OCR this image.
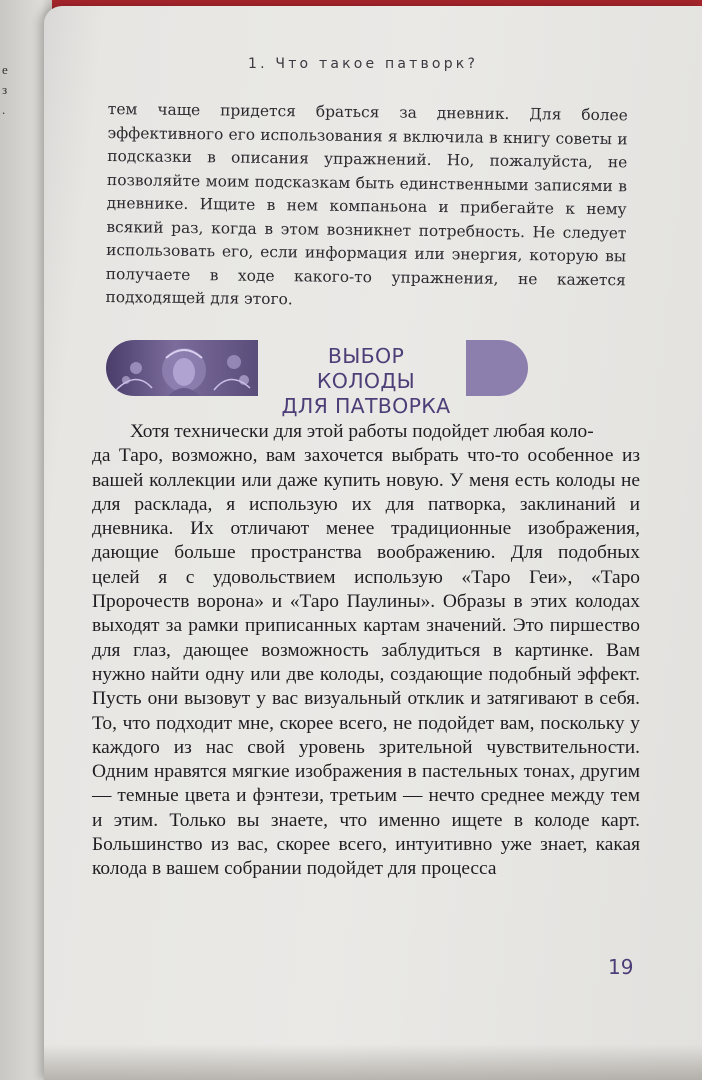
е
з
.
1. Что такое патворк?
тем чаще придется браться за дневник. Для более эффективного его использования я включила в книгу советы и подсказки в описания упражнений. Но, пожалуйста, не позволяйте моим подсказкам быть единственными записями в дневнике. Ищите в нем компаньона и прибегайте к нему всякий раз, когда в этом возникнет потребность. Не следует использовать его, если информация или энергия, которую вы получаете в ходе какого-то упражнения, не кажется подходящей для этого.
ВЫБОР КОЛОДЫ
ДЛЯ ПАТВОРКА
Хотя технически для этой работы подойдет любая коло-
да Таро, возможно, вам захочется выбрать что-то особенное из вашей коллекции или даже купить новую. У меня есть колоды не для расклада, я использую их для патворка, заклинаний и дневника. Их отличают менее традиционные изображения, дающие больше пространства воображению. Для подобных целей я с удовольствием использую «Таро Геи», «Таро Пророчеств ворона» и «Таро Паулины». Образы в этих колодах выходят за рамки приписанных картам значений. Это пиршество для глаз, дающее возможность заблудиться в картинке. Вам нужно найти одну или две колоды, создающие подобный эффект. Пусть они вызовут у вас визуальный отклик и затягивают в себя. То, что подходит мне, скорее всего, не подойдет вам, поскольку у каждого из нас свой уровень зрительной чувствительности. Одним нравятся мягкие изображения в пастельных тонах, другим — темные цвета и фэнтези, третьим — нечто среднее между тем и этим. Только вы знаете, что именно ищете в колоде карт. Большинство из вас, скорее всего, интуитивно уже знает, какая колода в вашем собрании подойдет для процесса
19
